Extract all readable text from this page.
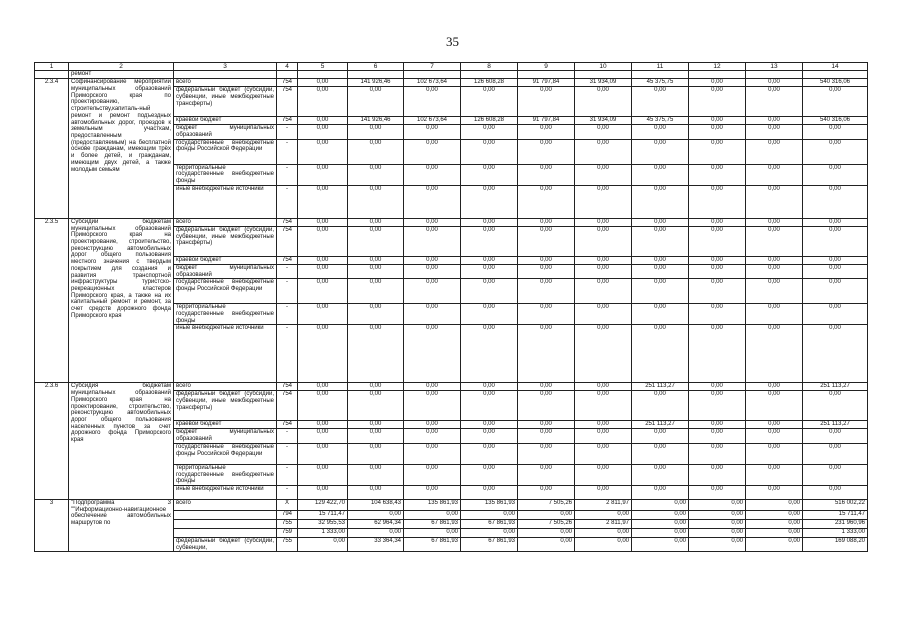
35
1	2	3	4	5	6	7	8	9	10	11	12	13	14
	ремонт												
2.3.4	Софинансирование мероприятий муниципальных образований Приморского края по проектированию, строительству,капиталь-ный ремонт и ремонт подъездных автомобильных дорог, проездов к земельным участкам, предоставленным (предоставляемым) на бесплатной основе гражданам, имеющим трёх и более детей, и гражданам, имеющим двух детей, а также молодым семьям	всего	754	0,00	141 926,46	102 673,64	126 608,28	91 797,84	31 934,09	45 375,75	0,00	0,00	540 316,06
		федеральный бюджет (субсидии, субвенции, иные межбюджетные трансферты)	754	0,00	0,00	0,00	0,00	0,00	0,00	0,00	0,00	0,00	0,00
		краевой бюджет	754	0,00	141 926,46	102 673,64	126 608,28	91 797,84	31 934,09	45 375,75	0,00	0,00	540 316,06
		бюджет муниципальных образований	-	0,00	0,00	0,00	0,00	0,00	0,00	0,00	0,00	0,00	0,00
		государственные внебюджетные фонды Российской Федерации	-	0,00	0,00	0,00	0,00	0,00	0,00	0,00	0,00	0,00	0,00
		территориальные государственные внебюджетные фонды	-	0,00	0,00	0,00	0,00	0,00	0,00	0,00	0,00	0,00	0,00
		иные внебюджетные источники	-	0,00	0,00	0,00	0,00	0,00	0,00	0,00	0,00	0,00	0,00
2.3.5	Субсидии бюджетам муниципальных образований Приморского края на проектирование, строительство, реконструкцию автомобильных дорог общего пользования местного значения с твердым покрытием для создания и развития транспортной инфраструктуры туристско- рекреационных кластеров Приморского края, а также на их капитальный ремонт и ремонт, за счет средств дорожного фонда Приморского края	всего	754	0,00	0,00	0,00	0,00	0,00	0,00	0,00	0,00	0,00	0,00
		федеральный бюджет (субсидии, субвенции, иные межбюджетные трансферты)	754	0,00	0,00	0,00	0,00	0,00	0,00	0,00	0,00	0,00	0,00
		краевой бюджет	754	0,00	0,00	0,00	0,00	0,00	0,00	0,00	0,00	0,00	0,00
		бюджет муниципальных образований	-	0,00	0,00	0,00	0,00	0,00	0,00	0,00	0,00	0,00	0,00
		государственные внебюджетные фонды Российской Федерации	-	0,00	0,00	0,00	0,00	0,00	0,00	0,00	0,00	0,00	0,00
		территориальные государственные внебюджетные фонды	-	0,00	0,00	0,00	0,00	0,00	0,00	0,00	0,00	0,00	0,00
		иные внебюджетные источники	-	0,00	0,00	0,00	0,00	0,00	0,00	0,00	0,00	0,00	0,00
2.3.6	Субсидия бюджетам муниципальных образований Приморского края на проектирование, строительство, реконструкцию автомобильных дорог общего пользования населенных пунктов за счет дорожного фонда Приморского края	всего	754	0,00	0,00	0,00	0,00	0,00	0,00	251 113,27	0,00	0,00	251 113,27
		федеральный бюджет (субсидии, субвенции, иные межбюджетные трансферты)	754	0,00	0,00	0,00	0,00	0,00	0,00	0,00	0,00	0,00	0,00
		краевой бюджет	754	0,00	0,00	0,00	0,00	0,00	0,00	251 113,27	0,00	0,00	251 113,27
		бюджет муниципальных образований	-	0,00	0,00	0,00	0,00	0,00	0,00	0,00	0,00	0,00	0,00
		государственные внебюджетные фонды Российской Федерации	-	0,00	0,00	0,00	0,00	0,00	0,00	0,00	0,00	0,00	0,00
		территориальные государственные внебюджетные фонды	-	0,00	0,00	0,00	0,00	0,00	0,00	0,00	0,00	0,00	0,00
		иные внебюджетные источники	-	0,00	0,00	0,00	0,00	0,00	0,00	0,00	0,00	0,00	0,00
3	"Подпрограмма 3 ""Информационно-навигационное обеспечение автомобильных маршрутов по	всего	X	129 422,70	104 638,43	135 861,93	135 861,93	7 505,26	2 811,97	0,00	0,00	0,00	516 002,22
			794	15 711,47	0,00	0,00	0,00	0,00	0,00	0,00	0,00	0,00	15 711,47
			755	32 955,53	62 964,34	67 861,93	67 861,93	7 505,26	2 811,97	0,00	0,00	0,00	231 960,96
			759	1 333,00	0,00	0,00	0,00	0,00	0,00	0,00	0,00	0,00	1 333,00
		федеральный бюджет (субсидии, субвенции,	755	0,00	33 364,34	67 861,93	67 861,93	0,00	0,00	0,00	0,00	0,00	169 088,20
